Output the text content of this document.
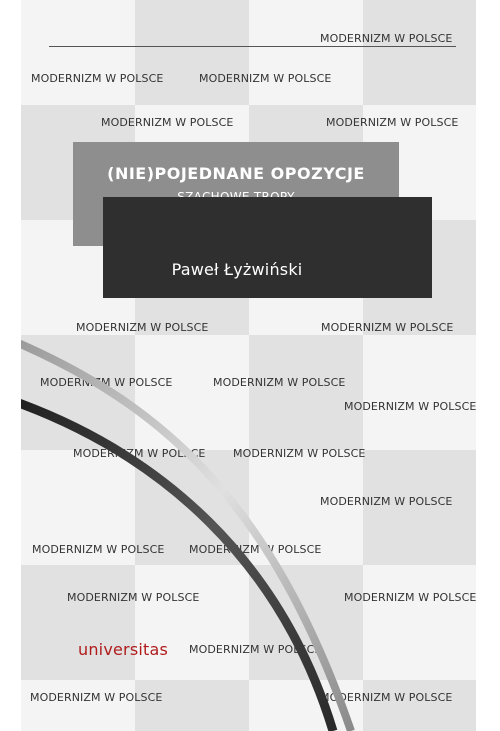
MODERNIZM W POLSCE
MODERNIZM W POLSCE	MODERNIZM W POLSCE
MODERNIZM W POLSCE	MODERNIZM W POLSCE
(NIE)POJEDNANE OPOZYCJE
Paweł Łyżwiński
MODERNIZM W POLSCE	MODERNIZM W POLSCE
MODERNIZM W POLSCE	MODERNIZM W POLSCE
MODERNIZM W POLSCE
MODERNIZM W POLSCE	MODERNIZM W POLSCE
MODERNIZM W POLSCE
MODERNIZM W POLSCE MODERNIZM W POLSCE
MODERNIZM W POLSCE	MODERNIZM W POLSCE
MODERNIZM W POLSCE
MODERNIZM W POLSCE	MODERNIZM W POLSCE
universitas
